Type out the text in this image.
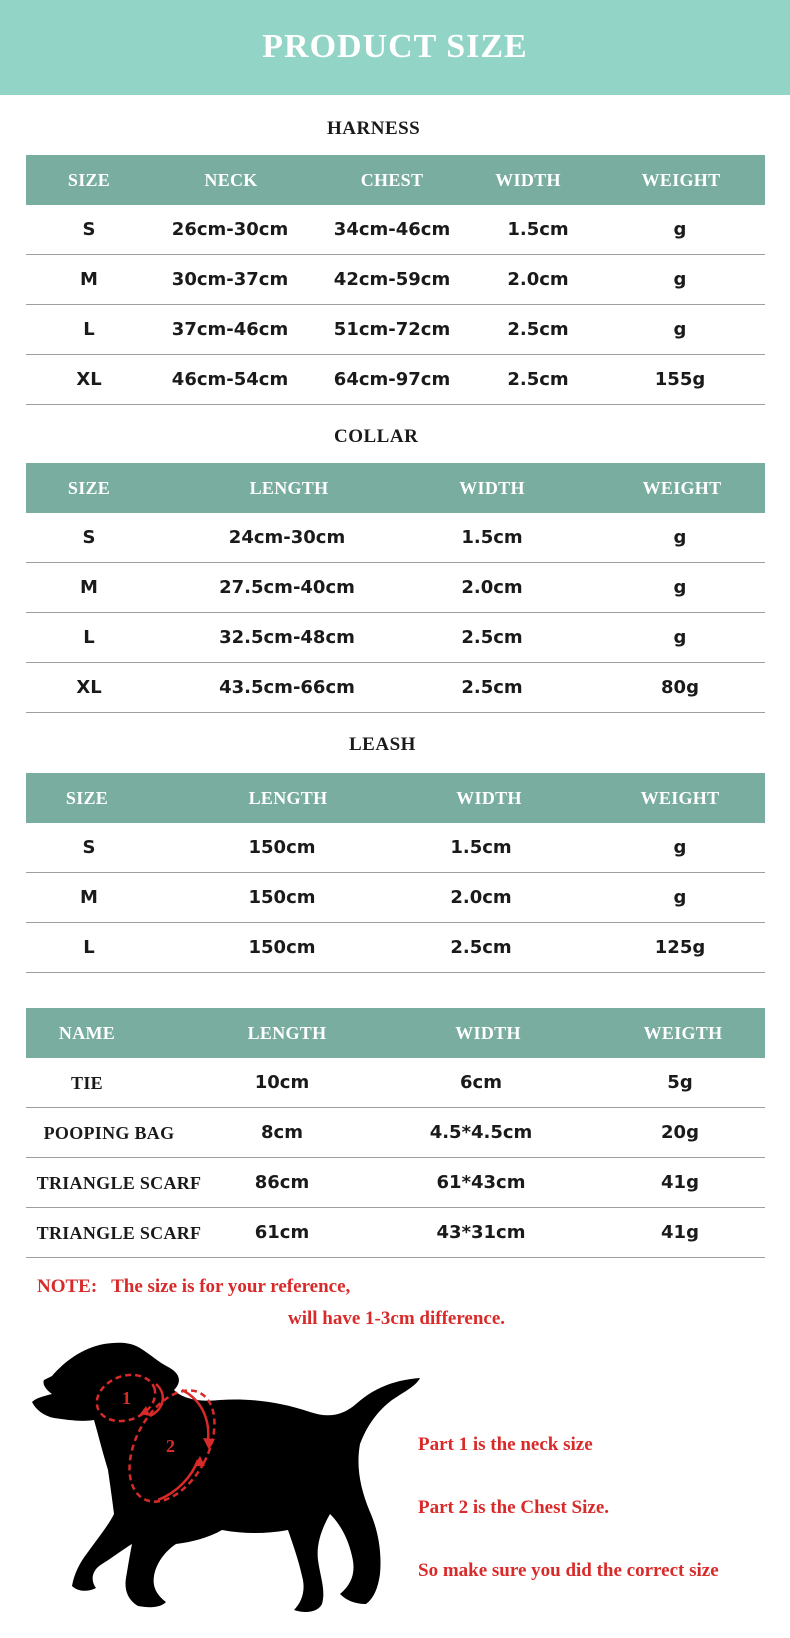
PRODUCT SIZE
HARNESS
SIZE	NECK	CHEST	WIDTH	WEIGHT
S	26cm-30cm	34cm-46cm	1.5cm	g
M	30cm-37cm	42cm-59cm	2.0cm	g
L	37cm-46cm	51cm-72cm	2.5cm	g
XL	46cm-54cm	64cm-97cm	2.5cm	155g
COLLAR
SIZE	LENGTH	WIDTH	WEIGHT
S	24cm-30cm	1.5cm	g
M	27.5cm-40cm	2.0cm	g
L	32.5cm-48cm	2.5cm	g
XL	43.5cm-66cm	2.5cm	80g
LEASH
SIZE	LENGTH	WIDTH	WEIGHT
S	150cm	1.5cm	g
M	150cm	2.0cm	g
L	150cm	2.5cm	125g
NAME	LENGTH	WIDTH	WEIGTH
TIE	10cm	6cm	5g
POOPING BAG	8cm	4.5*4.5cm	20g
TRIANGLE SCARF	86cm	61*43cm	41g
TRIANGLE SCARF	61cm	43*31cm	41g
NOTE:   The size is for your reference,
will have 1-3cm difference.
1
2	Part 1 is the neck size
Part 2 is the Chest Size.
So make sure you did the correct size
